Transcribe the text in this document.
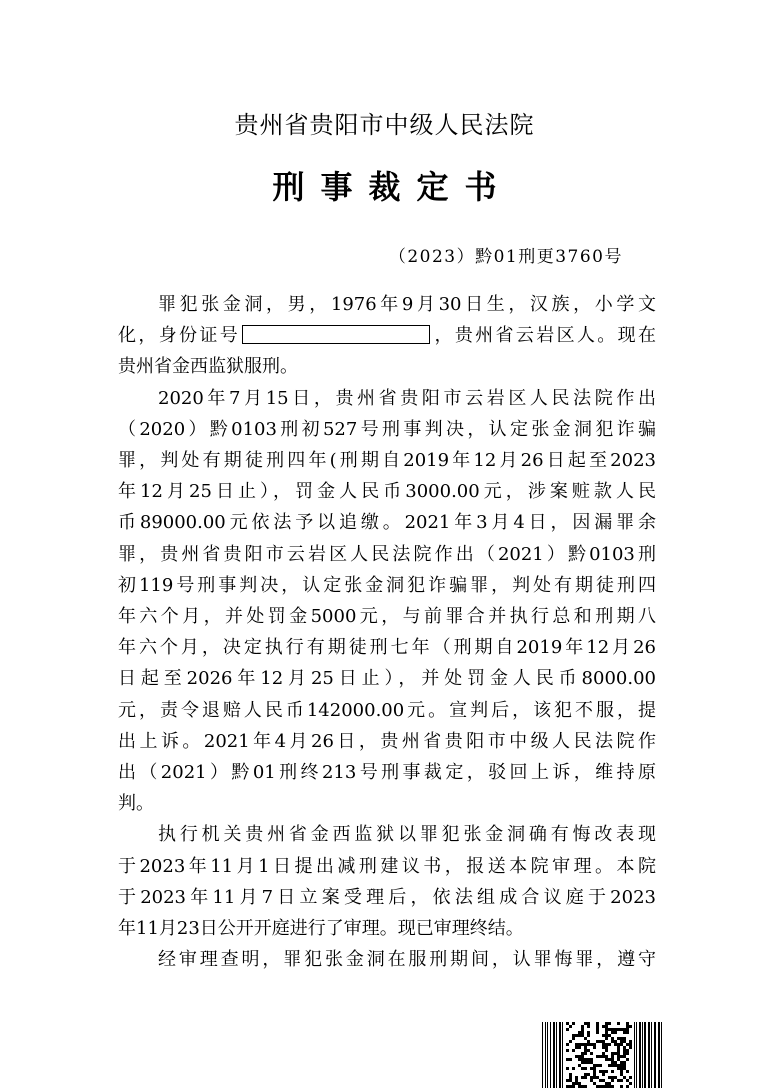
贵州省贵阳市中级人民法院
刑事裁定书
（2023）黔01刑更3760号
罪犯张金洞，男，1976年9月30日生，汉族，小学文
化，身份证号	，贵州省云岩区人。现在
贵州省金西监狱服刑。
2020年7月15日，贵州省贵阳市云岩区人民法院作出
（2020）黔0103刑初527号刑事判决，认定张金洞犯诈骗
罪，判处有期徒刑四年(刑期自2019年12月26日起至2023
年12月25日止），罚金人民币3000.00元，涉案赃款人民
币89000.00元依法予以追缴。2021年3月4日，因漏罪余
罪，贵州省贵阳市云岩区人民法院作出（2021）黔0103刑
初119号刑事判决，认定张金洞犯诈骗罪，判处有期徒刑四
年六个月，并处罚金5000元，与前罪合并执行总和刑期八
年六个月，决定执行有期徒刑七年（刑期自2019年12月26
日起至2026年12月25日止），并处罚金人民币8000.00
元，责令退赔人民币142000.00元。宣判后，该犯不服，提
出上诉。2021年4月26日，贵州省贵阳市中级人民法院作
出（2021）黔01刑终213号刑事裁定，驳回上诉，维持原
判。
执行机关贵州省金西监狱以罪犯张金洞确有悔改表现
于2023年11月1日提出减刑建议书，报送本院审理。本院
于2023年11月7日立案受理后，依法组成合议庭于2023
年11月23日公开开庭进行了审理。现已审理终结。
经审理查明，罪犯张金洞在服刑期间，认罪悔罪，遵守
